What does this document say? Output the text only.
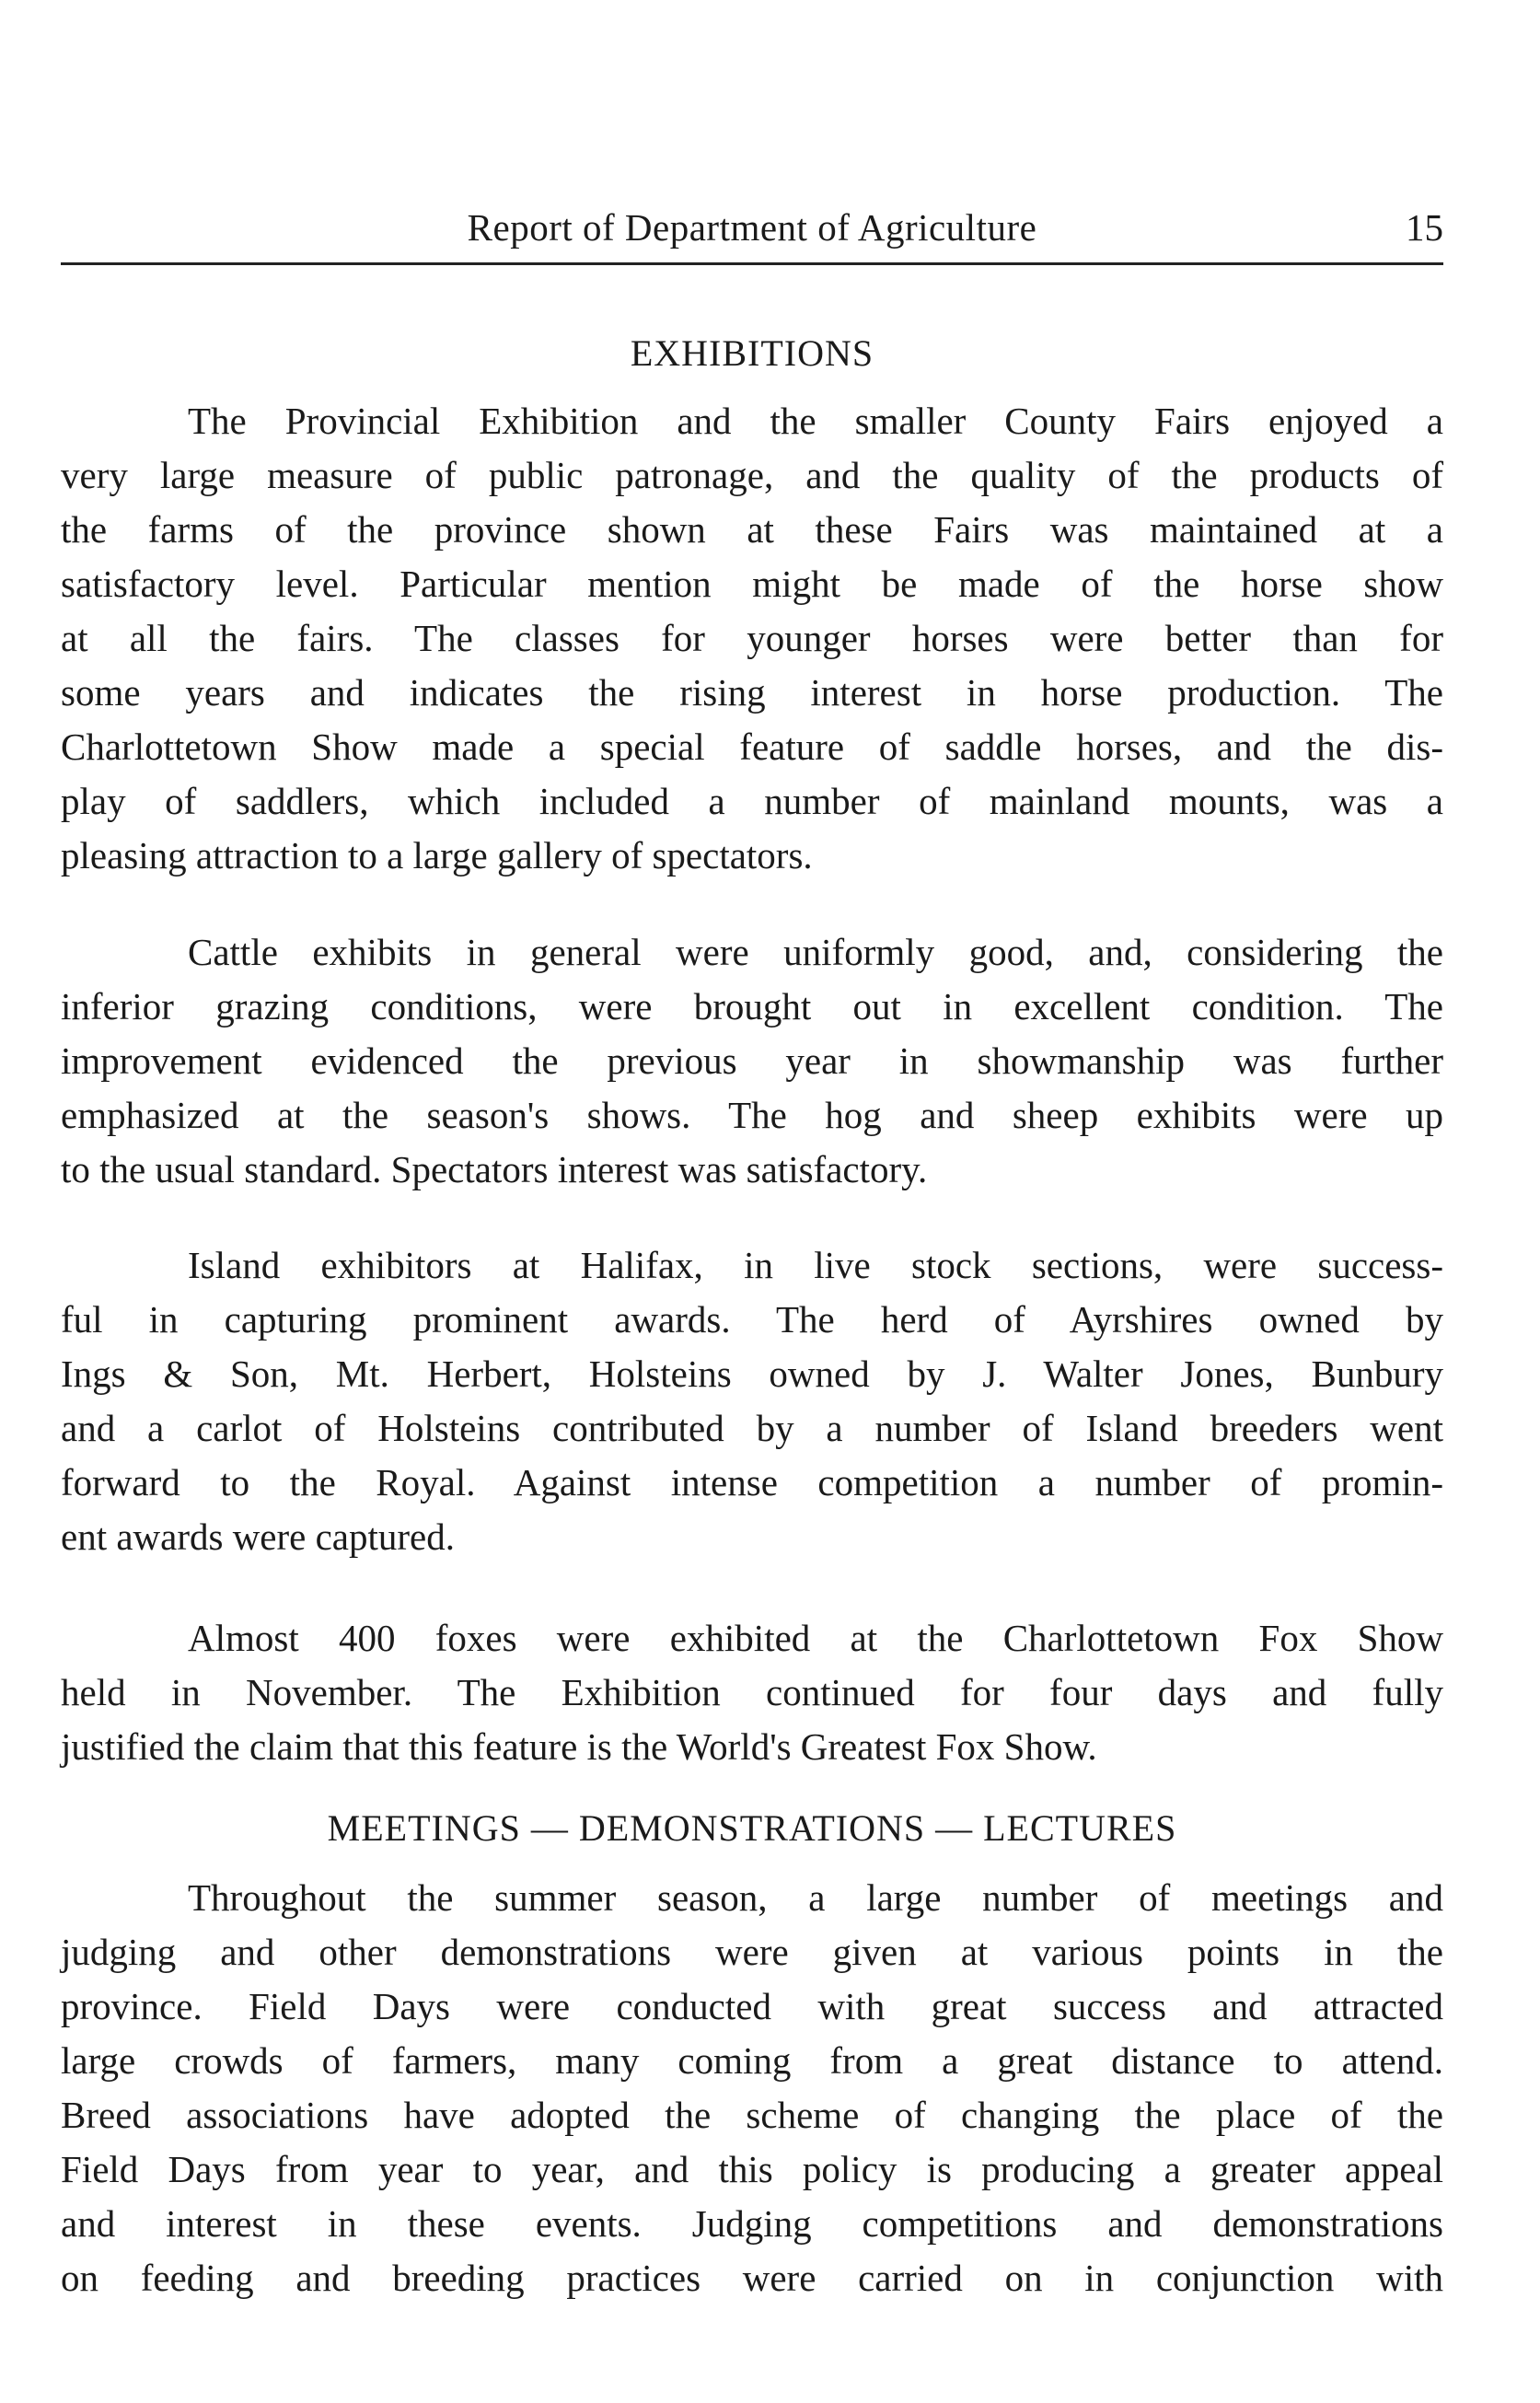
Report of Department of Agriculture	15
EXHIBITIONS
The Provincial Exhibition and the smaller County Fairs enjoyed a
very large measure of public patronage, and the quality of the products of
the farms of the province shown at these Fairs was maintained at a
satisfactory level. Particular mention might be made of the horse show
at all the fairs. The classes for younger horses were better than for
some years and indicates the rising interest in horse production. The
Charlottetown Show made a special feature of saddle horses, and the dis-
play of saddlers, which included a number of mainland mounts, was a
pleasing attraction to a large gallery of spectators.
Cattle exhibits in general were uniformly good, and, considering the
inferior grazing conditions, were brought out in excellent condition. The
improvement evidenced the previous year in showmanship was further
emphasized at the season's shows. The hog and sheep exhibits were up
to the usual standard. Spectators interest was satisfactory.
Island exhibitors at Halifax, in live stock sections, were success-
ful in capturing prominent awards. The herd of Ayrshires owned by
Ings & Son, Mt. Herbert, Holsteins owned by J. Walter Jones, Bunbury
and a carlot of Holsteins contributed by a number of Island breeders went
forward to the Royal. Against intense competition a number of promin-
ent awards were captured.
Almost 400 foxes were exhibited at the Charlottetown Fox Show
held in November. The Exhibition continued for four days and fully
justified the claim that this feature is the World's Greatest Fox Show.
MEETINGS — DEMONSTRATIONS — LECTURES
Throughout the summer season, a large number of meetings and
judging and other demonstrations were given at various points in the
province. Field Days were conducted with great success and attracted
large crowds of farmers, many coming from a great distance to attend.
Breed associations have adopted the scheme of changing the place of the
Field Days from year to year, and this policy is producing a greater appeal
and interest in these events. Judging competitions and demonstrations
on feeding and breeding practices were carried on in conjunction with
